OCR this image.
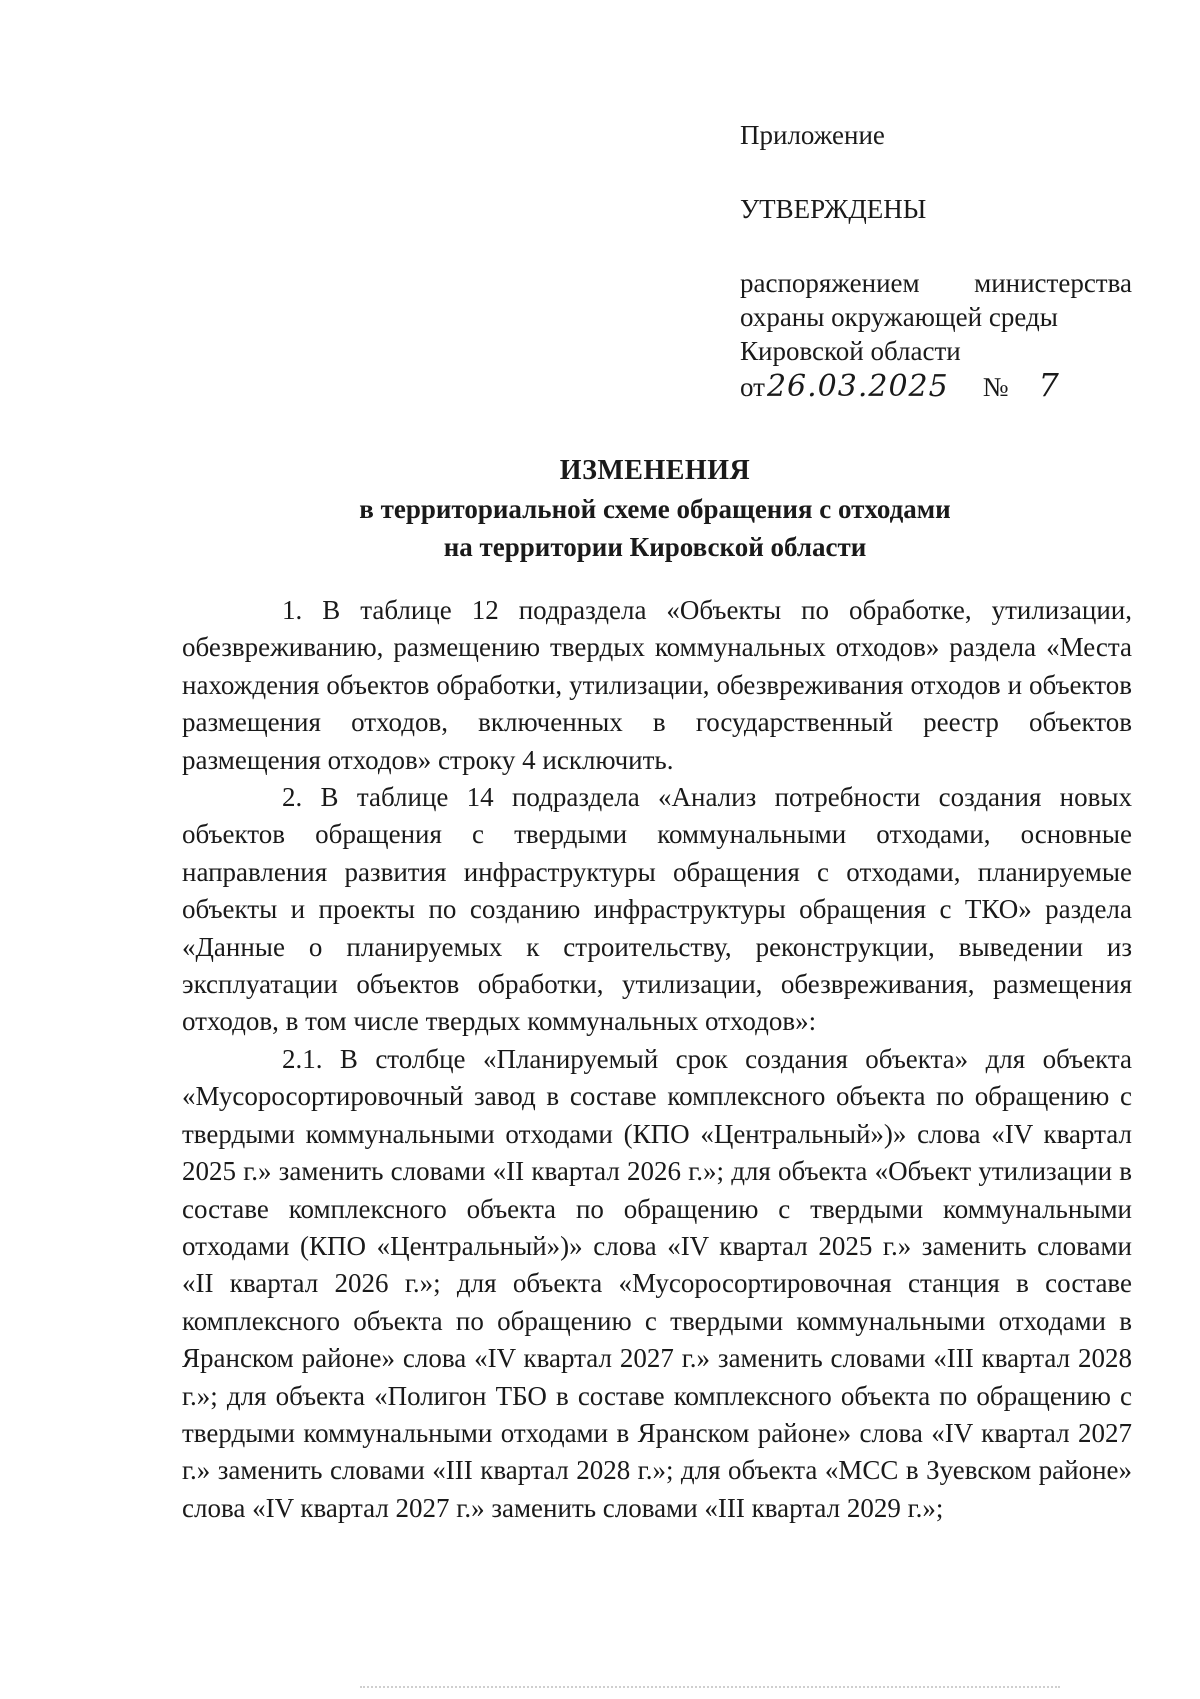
Приложение
УТВЕРЖДЕНЫ
распоряжением министерства
охраны окружающей среды
Кировской области
от 26.03.2025 № 7
ИЗМЕНЕНИЯ
в территориальной схеме обращения с отходами
на территории Кировской области

1. В таблице 12 подраздела «Объекты по обработке, утилизации, обезвреживанию, размещению твердых коммунальных отходов» раздела «Места нахождения объектов обработки, утилизации, обезвреживания отходов и объектов размещения отходов, включенных в государственный реестр объектов размещения отходов» строку 4 исключить.

2. В таблице 14 подраздела «Анализ потребности создания новых объектов обращения с твердыми коммунальными отходами, основные направления развития инфраструктуры обращения с отходами, планируемые объекты и проекты по созданию инфраструктуры обращения с ТКО» раздела «Данные о планируемых к строительству, реконструкции, выведении из эксплуатации объектов обработки, утилизации, обезвреживания, размещения отходов, в том числе твердых коммунальных отходов»:

2.1. В столбце «Планируемый срок создания объекта» для объекта «Мусоросортировочный завод в составе комплексного объекта по обращению с твердыми коммунальными отходами (КПО «Центральный»)» слова «IV квартал 2025 г.» заменить словами «II квартал 2026 г.»; для объекта «Объект утилизации в составе комплексного объекта по обращению с твердыми коммунальными отходами (КПО «Центральный»)» слова «IV квартал 2025 г.» заменить словами «II квартал 2026 г.»; для объекта «Мусоросортировочная станция в составе комплексного объекта по обращению с твердыми коммунальными отходами в Яранском районе» слова «IV квартал 2027 г.» заменить словами «III квартал 2028 г.»; для объекта «Полигон ТБО в составе комплексного объекта по обращению с твердыми коммунальными отходами в Яранском районе» слова «IV квартал 2027 г.» заменить словами «III квартал 2028 г.»; для объекта «МСС в Зуевском районе» слова «IV квартал 2027 г.» заменить словами «III квартал 2029 г.»;
